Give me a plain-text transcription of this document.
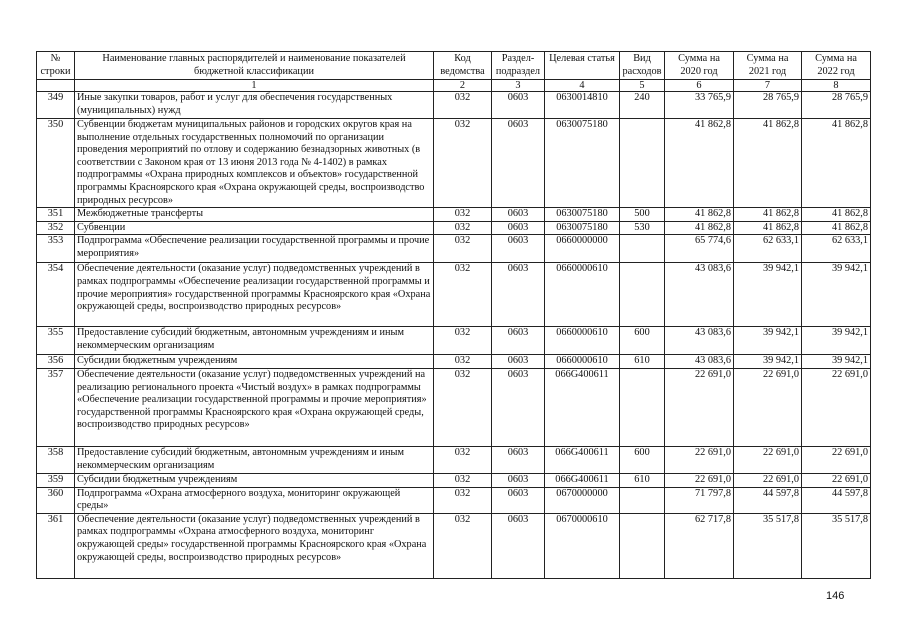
№ строки	Наименование главных распорядителей и наименование показателей бюджетной классификации	Код ведомства	Раздел-подраздел	Целевая статья	Вид расходов	Сумма на 2020 год	Сумма на 2021 год	Сумма на 2022 год
	1	2	3	4	5	6	7	8
349	Иные закупки товаров, работ и услуг для обеспечения государственных (муниципальных) нужд	032	0603	0630014810	240	33 765,9	28 765,9	28 765,9
350	Субвенции бюджетам муниципальных районов и городских округов края на выполнение отдельных государственных полномочий по организации проведения мероприятий по отлову и содержанию безнадзорных животных (в соответствии с Законом края от 13 июня 2013 года № 4-1402) в рамках подпрограммы «Охрана природных комплексов и объектов» государственной программы Красноярского края «Охрана окружающей среды, воспроизводство природных ресурсов»	032	0603	0630075180		41 862,8	41 862,8	41 862,8
351	Межбюджетные трансферты	032	0603	0630075180	500	41 862,8	41 862,8	41 862,8
352	Субвенции	032	0603	0630075180	530	41 862,8	41 862,8	41 862,8
353	Подпрограмма «Обеспечение реализации государственной программы и прочие мероприятия»	032	0603	0660000000		65 774,6	62 633,1	62 633,1
354	Обеспечение деятельности (оказание услуг) подведомственных учреждений в рамках подпрограммы «Обеспечение реализации государственной программы и прочие мероприятия» государственной программы Красноярского края «Охрана окружающей среды, воспроизводство природных ресурсов»	032	0603	0660000610		43 083,6	39 942,1	39 942,1
355	Предоставление субсидий бюджетным, автономным учреждениям и иным некоммерческим организациям	032	0603	0660000610	600	43 083,6	39 942,1	39 942,1
356	Субсидии бюджетным учреждениям	032	0603	0660000610	610	43 083,6	39 942,1	39 942,1
357	Обеспечение деятельности (оказание услуг) подведомственных учреждений на реализацию регионального проекта «Чистый воздух» в рамках подпрограммы «Обеспечение реализации государственной программы и прочие мероприятия» государственной программы Красноярского края «Охрана окружающей среды, воспроизводство природных ресурсов»	032	0603	066G400611		22 691,0	22 691,0	22 691,0
358	Предоставление субсидий бюджетным, автономным учреждениям и иным некоммерческим организациям	032	0603	066G400611	600	22 691,0	22 691,0	22 691,0
359	Субсидии бюджетным учреждениям	032	0603	066G400611	610	22 691,0	22 691,0	22 691,0
360	Подпрограмма «Охрана атмосферного воздуха, мониторинг окружающей среды»	032	0603	0670000000		71 797,8	44 597,8	44 597,8
361	Обеспечение деятельности (оказание услуг) подведомственных учреждений в рамках подпрограммы «Охрана атмосферного воздуха, мониторинг окружающей среды» государственной программы Красноярского края «Охрана окружающей среды, воспроизводство природных ресурсов»	032	0603	0670000610		62 717,8	35 517,8	35 517,8
146
